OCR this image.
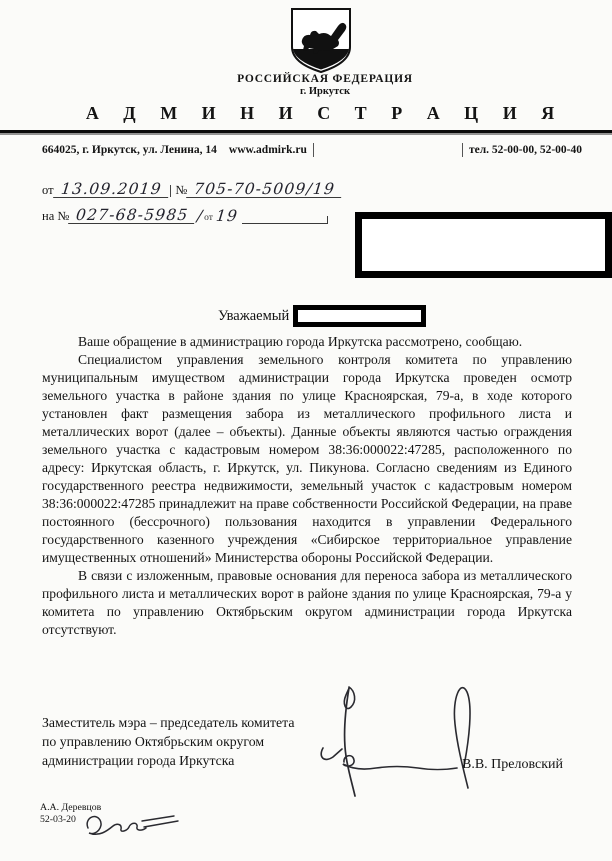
РОССИЙСКАЯ ФЕДЕРАЦИЯ
г. Иркутск
А Д М И Н И С Т Р А Ц И Я
664025, г. Иркутск, ул. Ленина, 14 www.admirk.ru	тел. 52-00-00, 52-00-40
от 13.09.2019	№ 705-70-5009/19
на № 027-68-5985 / от 19
Уважаемый

Ваше обращение в администрацию города Иркутска рассмотрено, сообщаю.

Специалистом управления земельного контроля комитета по управлению муниципальным имуществом администрации города Иркутска проведен осмотр земельного участка в районе здания по улице Красноярская, 79-а, в ходе которого установлен факт размещения забора из металлического профильного листа и металлических ворот (далее – объекты). Данные объекты являются частью ограждения земельного участка с кадастровым номером 38:36:000022:47285, расположенного по адресу: Иркутская область, г. Иркутск, ул. Пикунова. Согласно сведениям из Единого государственного реестра недвижимости, земельный участок с кадастровым номером 38:36:000022:47285 принадлежит на праве собственности Российской Федерации, на праве постоянного (бессрочного) пользования находится в управлении Федерального государственного казенного учреждения «Сибирское территориальное управление имущественных отношений» Министерства обороны Российской Федерации.

В связи с изложенным, правовые основания для переноса забора из металлического профильного листа и металлических ворот в районе здания по улице Красноярская, 79-а у комитета по управлению Октябрьским округом администрации города Иркутска отсутствуют.

Заместитель мэра – председатель комитета
по управлению Октябрьским округом
администрации города Иркутска	В.В. Преловский
А.А. Деревцов
52-03-20
